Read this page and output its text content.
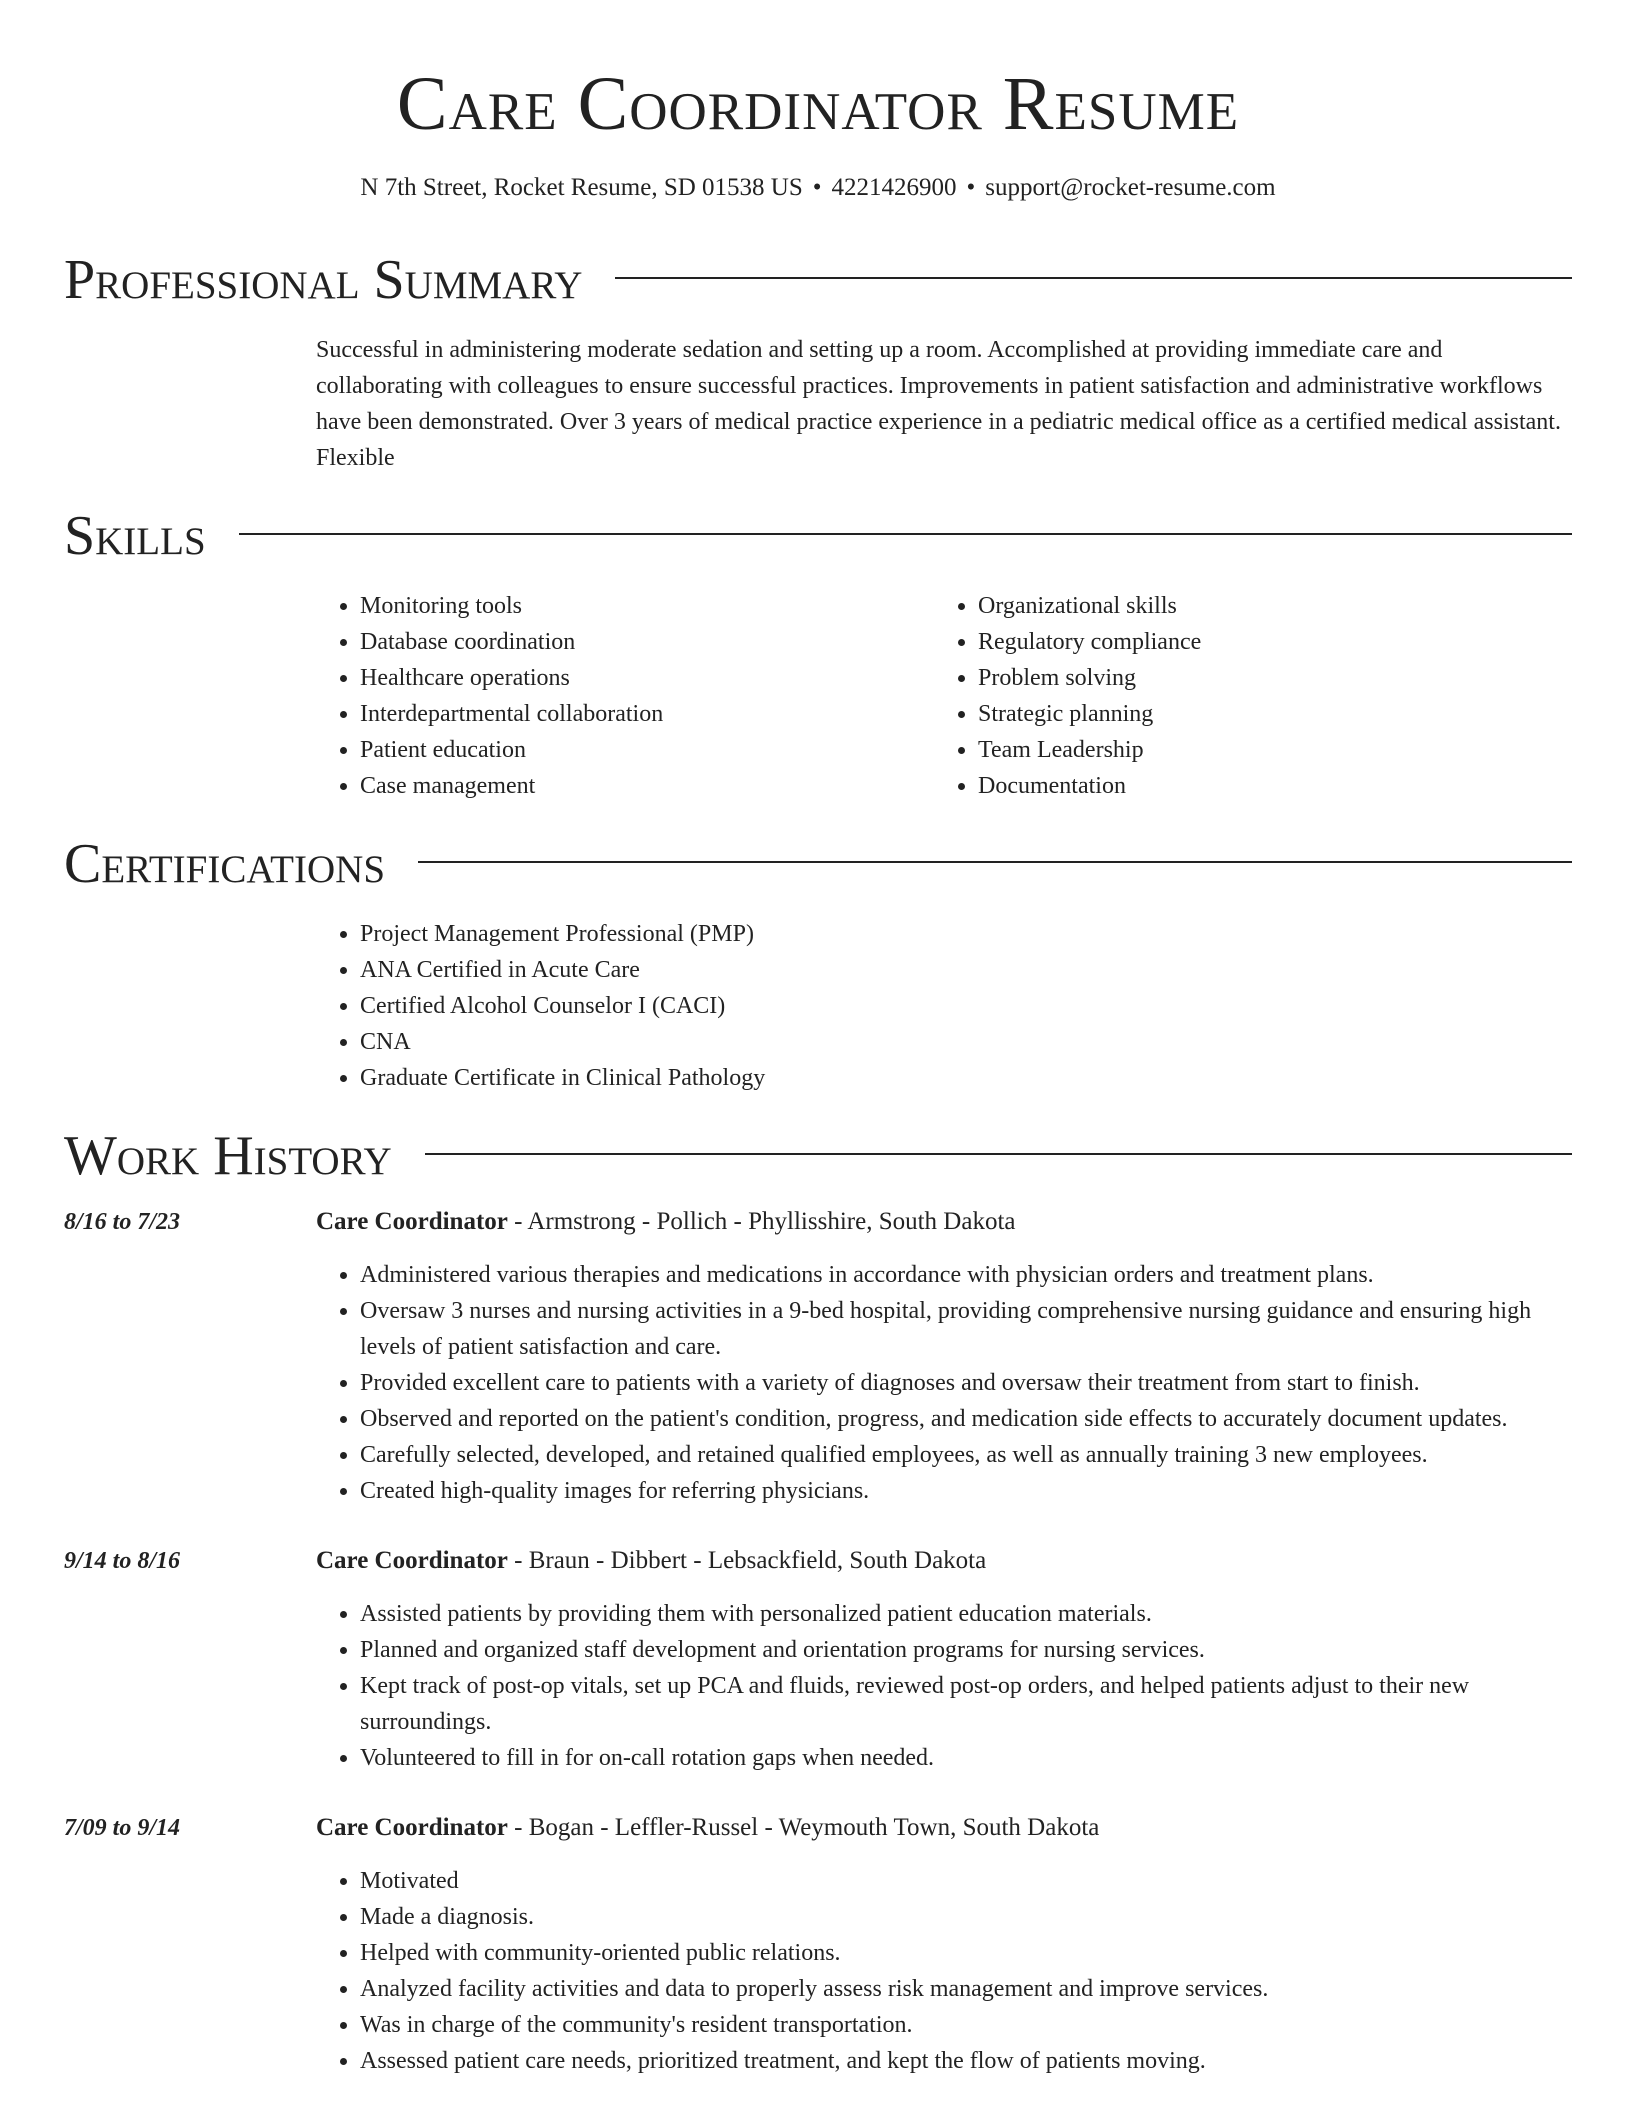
Care Coordinator Resume
N 7th Street, Rocket Resume, SD 01538 US • 4221426900 • support@rocket-resume.com
Professional Summary

Successful in administering moderate sedation and setting up a room. Accomplished at providing immediate care and collaborating with colleagues to ensure successful practices. Improvements in patient satisfaction and administrative workflows have been demonstrated. Over 3 years of medical practice experience in a pediatric medical office as a certified medical assistant. Flexible

Skills
• Monitoring tools
• Database coordination
• Healthcare operations
• Interdepartmental collaboration
• Patient education
• Case management
• Organizational skills
• Regulatory compliance
• Problem solving
• Strategic planning
• Team Leadership
• Documentation
Certifications
• Project Management Professional (PMP)
• ANA Certified in Acute Care
• Certified Alcohol Counselor I (CACI)
• CNA
• Graduate Certificate in Clinical Pathology
Work History
8/16 to 7/23	Care Coordinator - Armstrong - Pollich - Phyllisshire, South Dakota
• Administered various therapies and medications in accordance with physician orders and treatment plans.
• Oversaw 3 nurses and nursing activities in a 9-bed hospital, providing comprehensive nursing guidance and ensuring high levels of patient satisfaction and care.
• Provided excellent care to patients with a variety of diagnoses and oversaw their treatment from start to finish.
• Observed and reported on the patient's condition, progress, and medication side effects to accurately document updates.
• Carefully selected, developed, and retained qualified employees, as well as annually training 3 new employees.
• Created high-quality images for referring physicians.
9/14 to 8/16	Care Coordinator - Braun - Dibbert - Lebsackfield, South Dakota
• Assisted patients by providing them with personalized patient education materials.
• Planned and organized staff development and orientation programs for nursing services.
• Kept track of post-op vitals, set up PCA and fluids, reviewed post-op orders, and helped patients adjust to their new surroundings.
• Volunteered to fill in for on-call rotation gaps when needed.
7/09 to 9/14	Care Coordinator - Bogan - Leffler-Russel - Weymouth Town, South Dakota
• Motivated
• Made a diagnosis.
• Helped with community-oriented public relations.
• Analyzed facility activities and data to properly assess risk management and improve services.
• Was in charge of the community's resident transportation.
• Assessed patient care needs, prioritized treatment, and kept the flow of patients moving.
